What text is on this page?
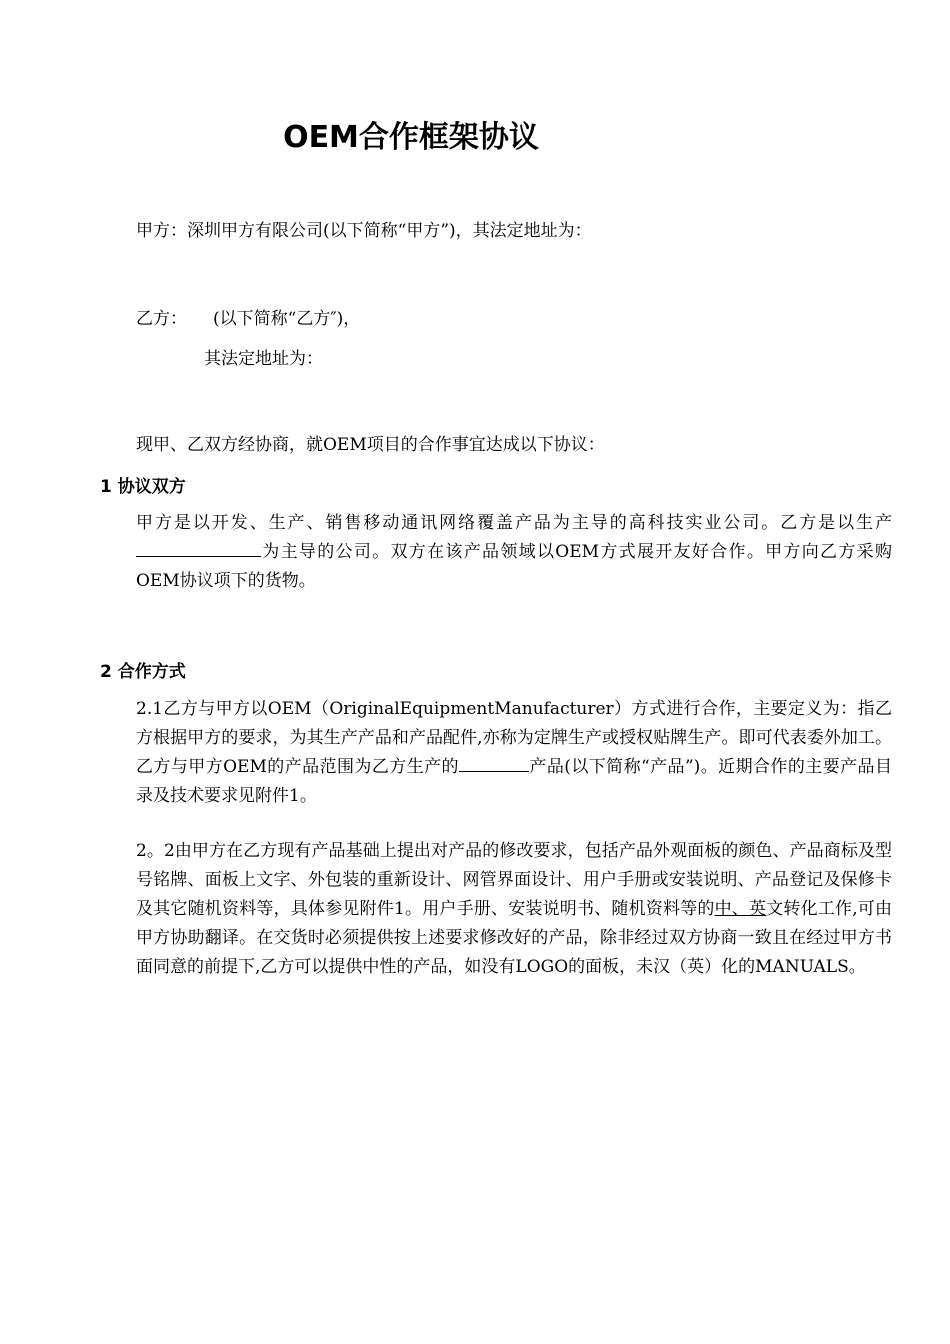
OEM合作框架协议

甲方：深圳甲方有限公司(以下简称“甲方”)，其法定地址为：

乙方： (以下简称“乙方″)，

其法定地址为：

现甲、乙双方经协商，就OEM项目的合作事宜达成以下协议：

1 协议双方

甲方是以开发、生产、销售移动通讯网络覆盖产品为主导的高科技实业公司。乙方是以生产为主导的公司。双方在该产品领域以OEM方式展开友好合作。甲方向乙方采购OEM协议项下的货物。

2 合作方式

2.1乙方与甲方以OEM（OriginalEquipmentManufacturer）方式进行合作，主要定义为：指乙方根据甲方的要求，为其生产产品和产品配件,亦称为定牌生产或授权贴牌生产。即可代表委外加工。乙方与甲方OEM的产品范围为乙方生产的	产品(以下简称“产品”)。近期合作的主要产品目录及技术要求见附件1。

2。2由甲方在乙方现有产品基础上提出对产品的修改要求，包括产品外观面板的颜色、产品商标及型号铭牌、面板上文字、外包装的重新设计、网管界面设计、用户手册或安装说明、产品登记及保修卡及其它随机资料等，具体参见附件1。用户手册、安装说明书、随机资料等的中、英文转化工作,可由甲方协助翻译。在交货时必须提供按上述要求修改好的产品，除非经过双方协商一致且在经过甲方书面同意的前提下,乙方可以提供中性的产品，如没有LOGO的面板，未汉（英）化的MANUALS。
